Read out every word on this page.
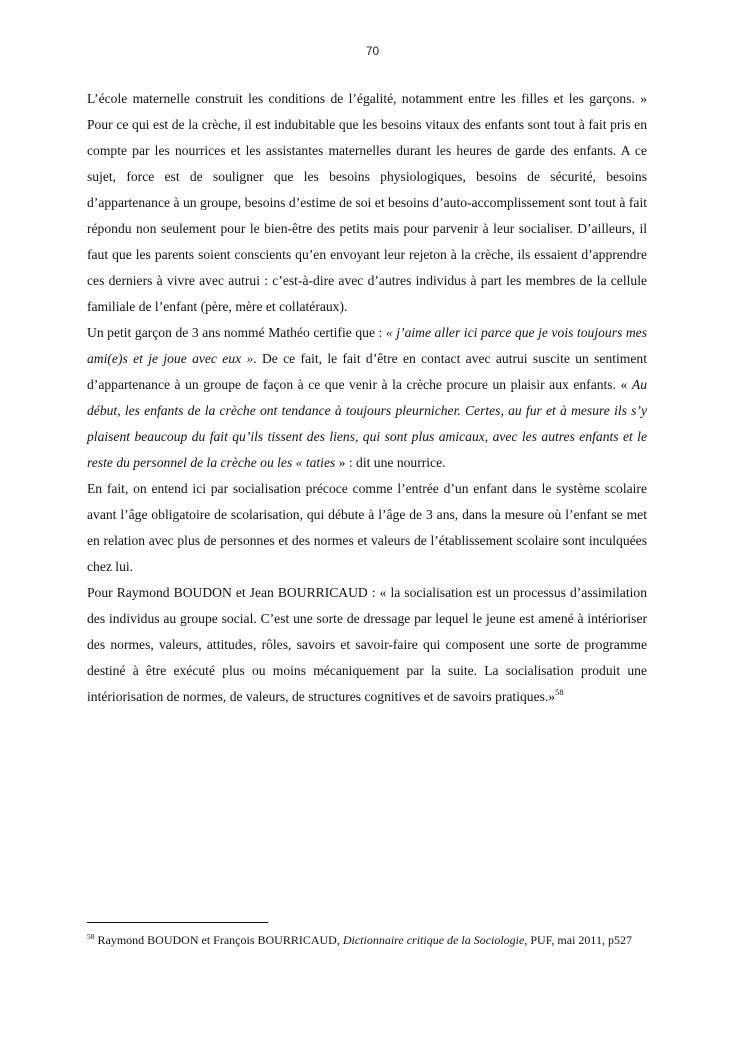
70

L’école maternelle construit les conditions de l’égalité, notamment entre les filles et les garçons. » Pour ce qui est de la crèche, il est indubitable que les besoins vitaux des enfants sont tout à fait pris en compte par les nourrices et les assistantes maternelles durant les heures de garde des enfants. A ce sujet, force est de souligner que les besoins physiologiques, besoins de sécurité, besoins d’appartenance à un groupe, besoins d’estime de soi et besoins d’auto-accomplissement sont tout à fait répondu non seulement pour le bien-être des petits mais pour parvenir à leur socialiser. D’ailleurs, il faut que les parents soient conscients qu’en envoyant leur rejeton à la crèche, ils essaient d’apprendre ces derniers à vivre avec autrui : c’est-à-dire avec d’autres individus à part les membres de la cellule familiale de l’enfant (père, mère et collatéraux).

Un petit garçon de 3 ans nommé Mathéo certifie que : « j’aime aller ici parce que je vois toujours mes ami(e)s et je joue avec eux ». De ce fait, le fait d’être en contact avec autrui suscite un sentiment d’appartenance à un groupe de façon à ce que venir à la crèche procure un plaisir aux enfants. « Au début, les enfants de la crèche ont tendance à toujours pleurnicher. Certes, au fur et à mesure ils s’y plaisent beaucoup du fait qu’ils tissent des liens, qui sont plus amicaux, avec les autres enfants et le reste du personnel de la crèche ou les « taties » : dit une nourrice.

En fait, on entend ici par socialisation précoce comme l’entrée d’un enfant dans le système scolaire avant l’âge obligatoire de scolarisation, qui débute à l’âge de 3 ans, dans la mesure où l’enfant se met en relation avec plus de personnes et des normes et valeurs de l’établissement scolaire sont inculquées chez lui.

Pour Raymond BOUDON et Jean BOURRICAUD : « la socialisation est un processus d’assimilation des individus au groupe social. C’est une sorte de dressage par lequel le jeune est amené à intérioriser des normes, valeurs, attitudes, rôles, savoirs et savoir-faire qui composent une sorte de programme destiné à être exécuté plus ou moins mécaniquement par la suite. La socialisation produit une intériorisation de normes, de valeurs, de structures cognitives et de savoirs pratiques.»$^{58}$

$^{58}$ Raymond BOUDON et François BOURRICAUD, Dictionnaire critique de la Sociologie, PUF, mai 2011, p527
